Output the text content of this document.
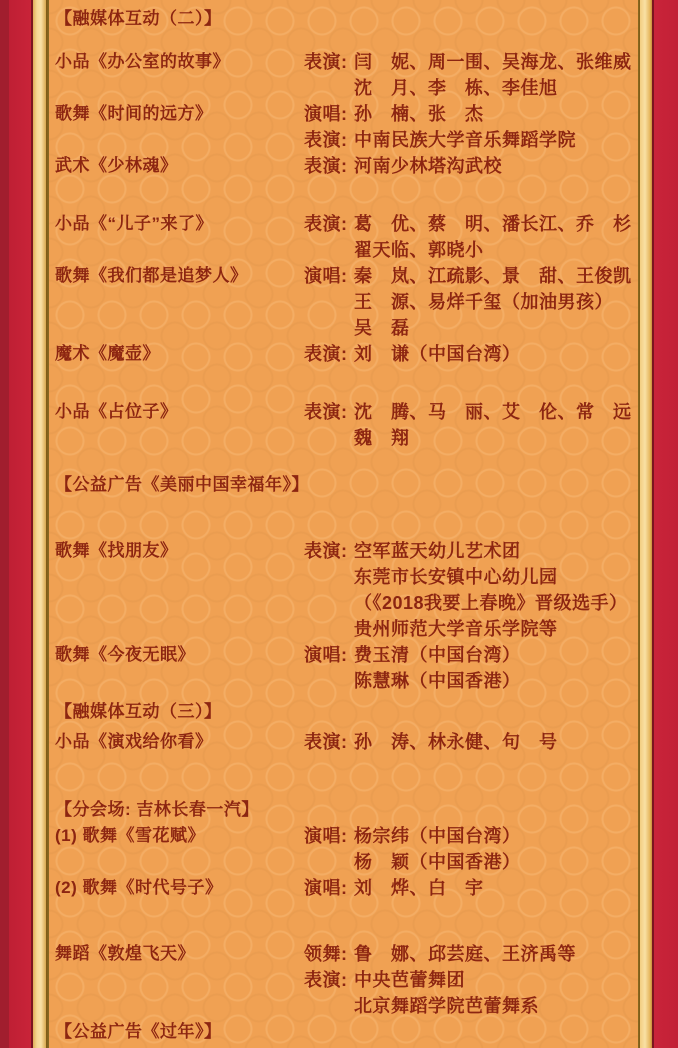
【融媒体互动（二）】
小品《办公室的故事》	表演: 闫　妮、周一围、吴海龙、张维威
沈　月、李　栋、李佳旭
歌舞《时间的远方》	演唱: 孙　楠、张　杰
表演: 中南民族大学音乐舞蹈学院
武术《少林魂》	表演: 河南少林塔沟武校
小品《“儿子”来了》	表演: 葛　优、蔡　明、潘长江、乔　杉
翟天临、郭晓小
歌舞《我们都是追梦人》	演唱: 秦　岚、江疏影、景　甜、王俊凯
王　源、易烊千玺（加油男孩）
吴　磊
魔术《魔壶》	表演: 刘　谦（中国台湾）
小品《占位子》	表演: 沈　腾、马　丽、艾　伦、常　远
魏　翔
【公益广告《美丽中国幸福年》】
歌舞《找朋友》	表演: 空军蓝天幼儿艺术团
东莞市长安镇中心幼儿园
（《2018我要上春晚》晋级选手）
贵州师范大学音乐学院等
歌舞《今夜无眠》	演唱: 费玉清（中国台湾）
陈慧琳（中国香港）
【融媒体互动（三）】
小品《演戏给你看》	表演: 孙　涛、林永健、句　号
【分会场: 吉林长春一汽】
(1) 歌舞《雪花赋》	演唱: 杨宗纬（中国台湾）
杨　颖（中国香港）
(2) 歌舞《时代号子》	演唱: 刘　烨、白　宇
舞蹈《敦煌飞天》	领舞: 鲁　娜、邱芸庭、王济禹等
表演: 中央芭蕾舞团
北京舞蹈学院芭蕾舞系
【公益广告《过年》】
